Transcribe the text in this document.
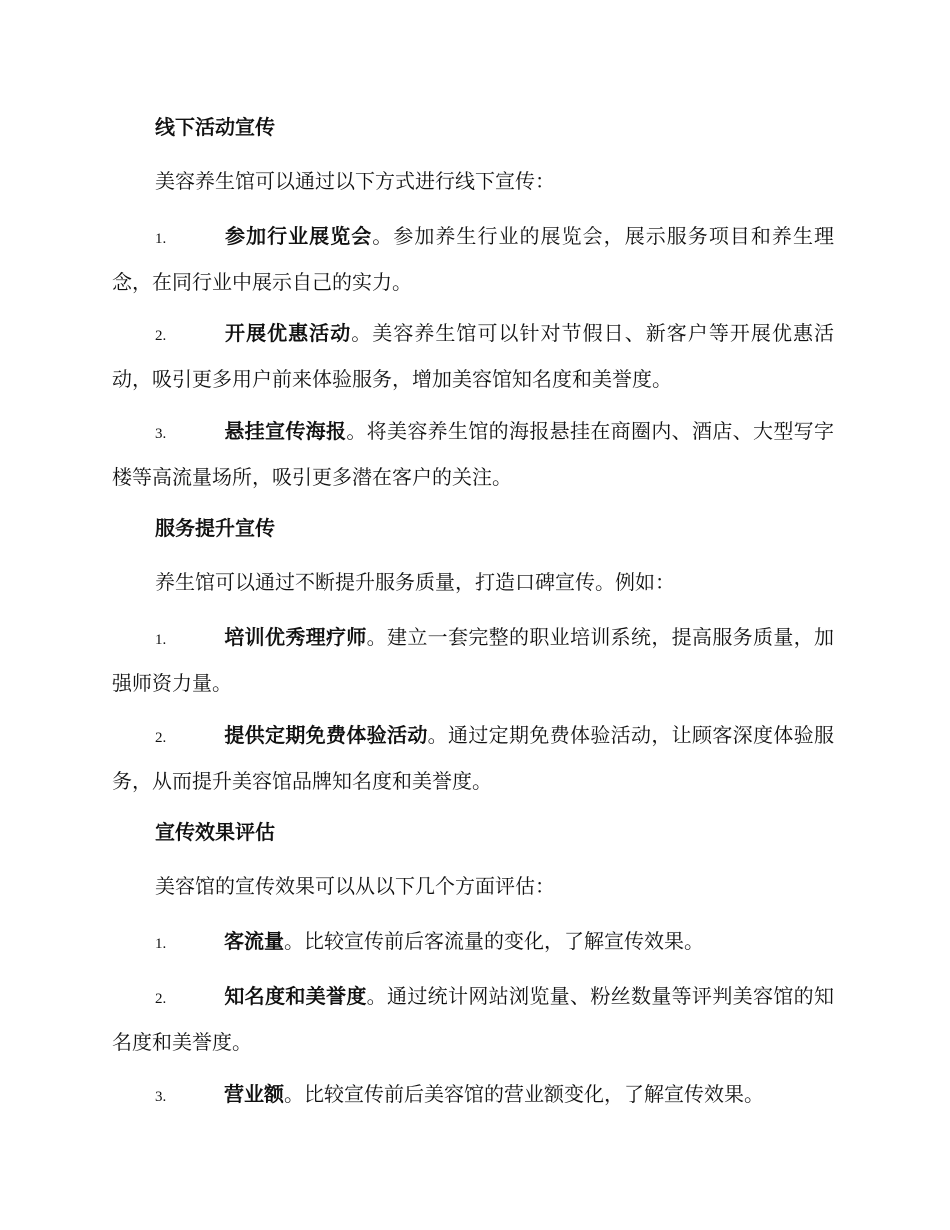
线下活动宣传
美容养生馆可以通过以下方式进行线下宣传：
1.	参加行业展览会。参加养生行业的展览会，展示服务项目和养生理念，在同行业中展示自己的实力。
2.	开展优惠活动。美容养生馆可以针对节假日、新客户等开展优惠活动，吸引更多用户前来体验服务，增加美容馆知名度和美誉度。
3.	悬挂宣传海报。将美容养生馆的海报悬挂在商圈内、酒店、大型写字楼等高流量场所，吸引更多潜在客户的关注。
服务提升宣传
养生馆可以通过不断提升服务质量，打造口碑宣传。例如：
1.	培训优秀理疗师。建立一套完整的职业培训系统，提高服务质量，加强师资力量。
2.	提供定期免费体验活动。通过定期免费体验活动，让顾客深度体验服务，从而提升美容馆品牌知名度和美誉度。
宣传效果评估
美容馆的宣传效果可以从以下几个方面评估：
1.	客流量。比较宣传前后客流量的变化，了解宣传效果。
2.	知名度和美誉度。通过统计网站浏览量、粉丝数量等评判美容馆的知名度和美誉度。
3.	营业额。比较宣传前后美容馆的营业额变化，了解宣传效果。
